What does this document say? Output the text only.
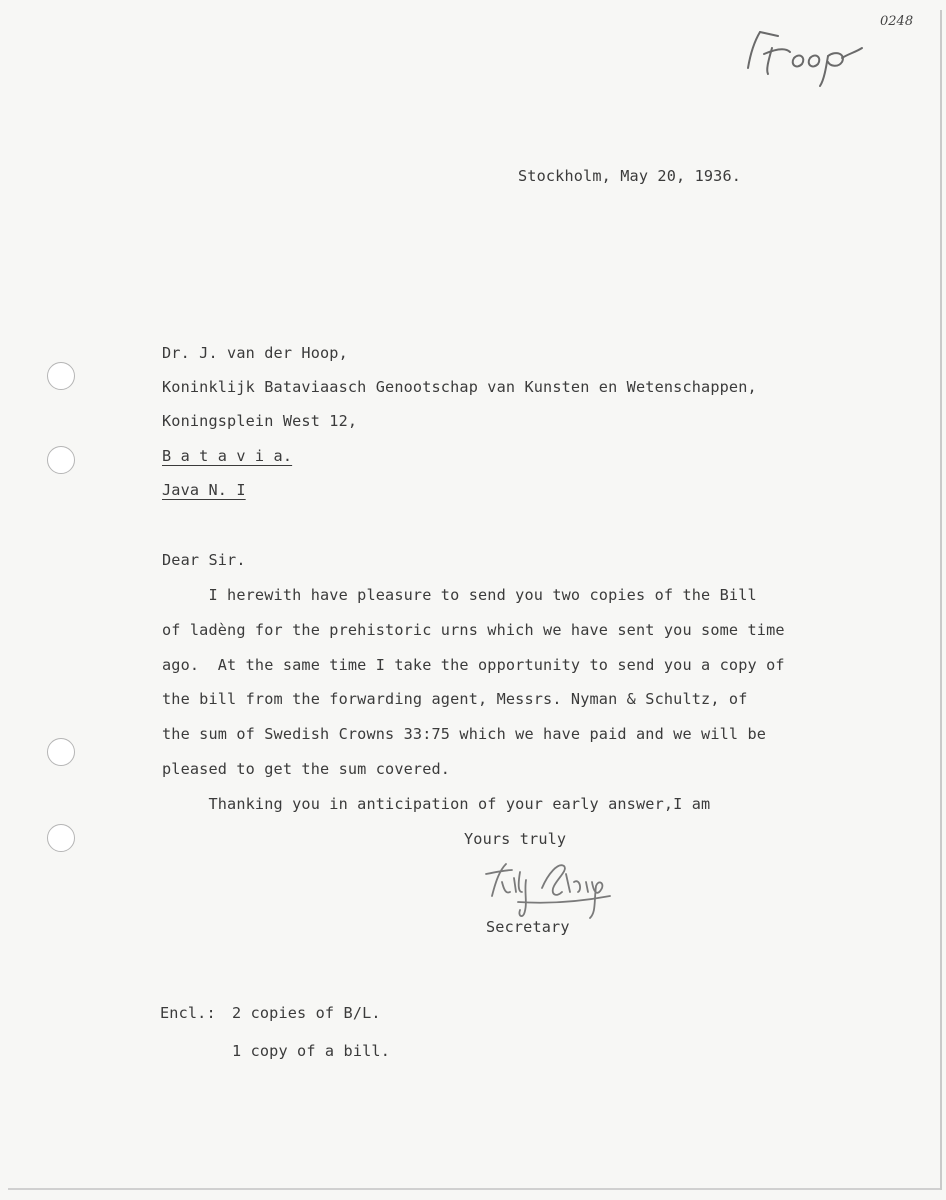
0248
Stockholm, May 20, 1936.
Dr. J. van der Hoop,
Koninklijk Bataviaasch Genootschap van Kunsten en Wetenschappen,
Koningsplein West 12,
B a t a v i a.
Java N. I
Dear Sir.
I herewith have pleasure to send you two copies of the Bill
of ladèng for the prehistoric urns which we have sent you some time
ago.  At the same time I take the opportunity to send you a copy of
the bill from the forwarding agent, Messrs. Nyman & Schultz, of
the sum of Swedish Crowns 33:75 which we have paid and we will be
pleased to get the sum covered.
Thanking you in anticipation of your early answer,I am
Yours truly
Secretary
Encl.: 2 copies of B/L.
1 copy of a bill.
